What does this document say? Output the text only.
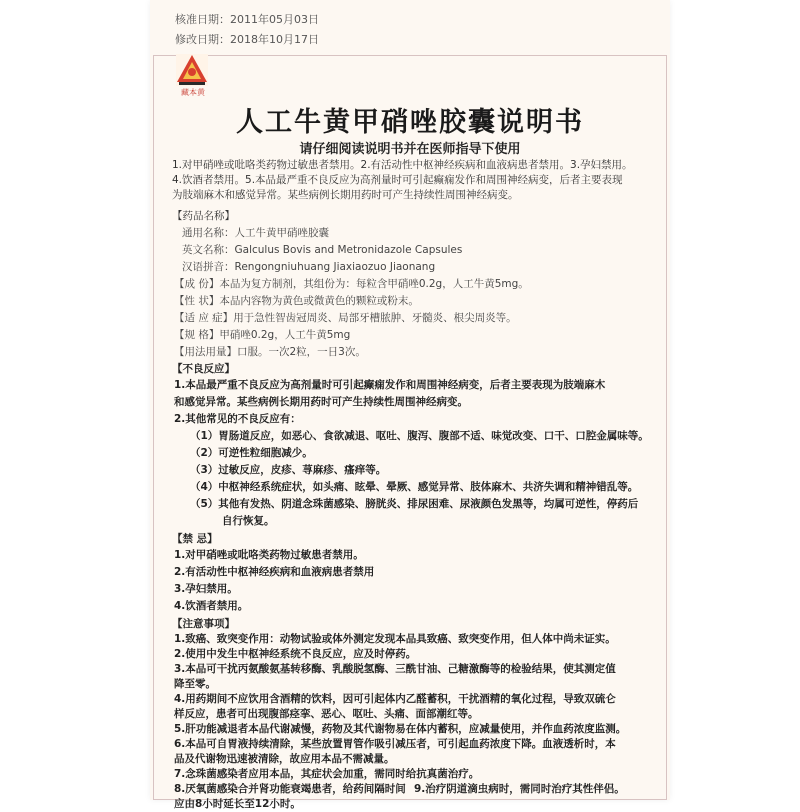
核准日期：2011年05月03日
修改日期：2018年10月17日
藏本黄
人工牛黄甲硝唑胶囊说明书
请仔细阅读说明书并在医师指导下使用
1.对甲硝唑或吡咯类药物过敏患者禁用。2.有活动性中枢神经疾病和血液病患者禁用。3.孕妇禁用。
4.饮酒者禁用。5.本品最严重不良反应为高剂量时可引起癫痫发作和周围神经病变，后者主要表现
为肢端麻木和感觉异常。某些病例长期用药时可产生持续性周围神经病变。
【药品名称】
通用名称：人工牛黄甲硝唑胶囊
英文名称：Galculus Bovis and Metronidazole Capsules
汉语拼音：Rengongniuhuang Jiaxiaozuo Jiaonang
【成 份】本品为复方制剂，其组份为：每粒含甲硝唑0.2g，人工牛黄5mg。
【性 状】本品内容物为黄色或微黄色的颗粒或粉末。
【适 应 症】用于急性智齿冠周炎、局部牙槽脓肿、牙髓炎、根尖周炎等。
【规 格】甲硝唑0.2g，人工牛黄5mg
【用法用量】口服。一次2粒，一日3次。
【不良反应】
1.本品最严重不良反应为高剂量时可引起癫痫发作和周围神经病变，后者主要表现为肢端麻木
和感觉异常。某些病例长期用药时可产生持续性周围神经病变。
2.其他常见的不良反应有：
（1）胃肠道反应，如恶心、食欲减退、呕吐、腹泻、腹部不适、味觉改变、口干、口腔金属味等。
（2）可逆性粒细胞减少。
（3）过敏反应，皮疹、荨麻疹、瘙痒等。
（4）中枢神经系统症状，如头痛、眩晕、晕厥、感觉异常、肢体麻木、共济失调和精神错乱等。
（5）其他有发热、阴道念珠菌感染、膀胱炎、排尿困难、尿液颜色发黑等，均属可逆性，停药后
自行恢复。
【禁 忌】
1.对甲硝唑或吡咯类药物过敏患者禁用。
2.有活动性中枢神经疾病和血液病患者禁用
3.孕妇禁用。
4.饮酒者禁用。
【注意事项】
1.致癌、致突变作用：动物试验或体外测定发现本品具致癌、致突变作用，但人体中尚未证实。
2.使用中发生中枢神经系统不良反应，应及时停药。
3.本品可干扰丙氨酸氨基转移酶、乳酸脱氢酶、三酰甘油、己糖激酶等的检验结果，使其测定值
降至零。
4.用药期间不应饮用含酒精的饮料，因可引起体内乙醛蓄积，干扰酒精的氧化过程，导致双硫仑
样反应，患者可出现腹部痉挛、恶心、呕吐、头痛、面部潮红等。
5.肝功能减退者本品代谢减慢，药物及其代谢物易在体内蓄积，应减量使用，并作血药浓度监测。
6.本品可自胃液持续清除，某些放置胃管作吸引减压者，可引起血药浓度下降。血液透析时，本
品及代谢物迅速被清除，故应用本品不需减量。
7.念珠菌感染者应用本品，其症状会加重，需同时给抗真菌治疗。
8.厌氧菌感染合并肾功能衰竭患者，给药间隔时间应由8小时延长至12小时。
9.治疗阴道滴虫病时，需同时治疗其性伴侣。
